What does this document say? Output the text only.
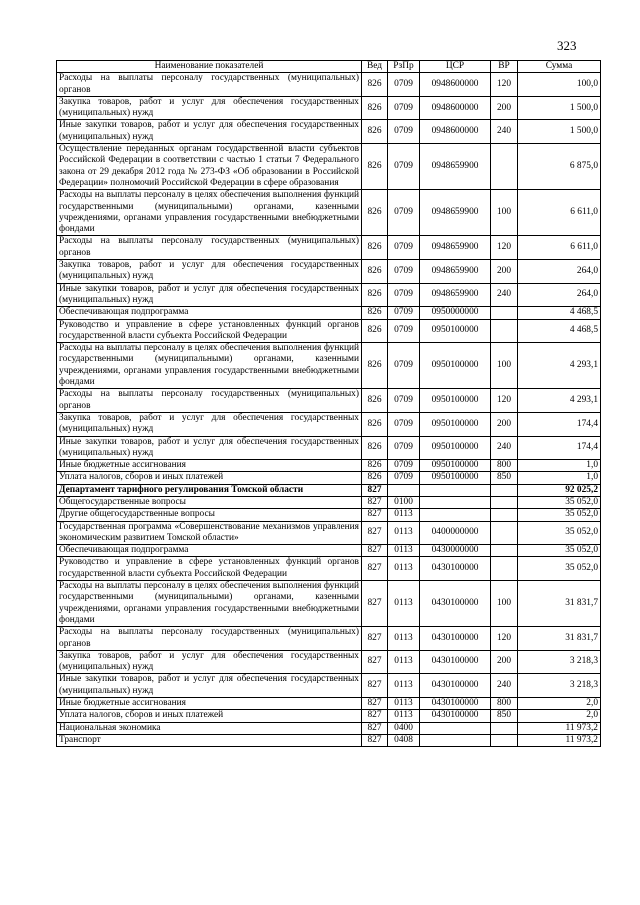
323
Наименование показателей	Вед	РзПр	ЦСР	ВР	Сумма
Расходы на выплаты персоналу государственных (муниципальных) органов	826	0709	0948600000	120	100,0
Закупка товаров, работ и услуг для обеспечения государственных (муниципальных) нужд	826	0709	0948600000	200	1 500,0
Иные закупки товаров, работ и услуг для обеспечения государственных (муниципальных) нужд	826	0709	0948600000	240	1 500,0
Осуществление переданных органам государственной власти субъектов Российской Федерации в соответствии с частью 1 статьи 7 Федерального закона от 29 декабря 2012 года № 273-ФЗ «Об образовании в Российской Федерации» полномочий Российской Федерации в сфере образования	826	0709	0948659900		6 875,0
Расходы на выплаты персоналу в целях обеспечения выполнения функций государственными (муниципальными) органами, казенными учреждениями, органами управления государственными внебюджетными фондами	826	0709	0948659900	100	6 611,0
Расходы на выплаты персоналу государственных (муниципальных) органов	826	0709	0948659900	120	6 611,0
Закупка товаров, работ и услуг для обеспечения государственных (муниципальных) нужд	826	0709	0948659900	200	264,0
Иные закупки товаров, работ и услуг для обеспечения государственных (муниципальных) нужд	826	0709	0948659900	240	264,0
Обеспечивающая подпрограмма	826	0709	0950000000		4 468,5
Руководство и управление в сфере установленных функций органов государственной власти субъекта Российской Федерации	826	0709	0950100000		4 468,5
Расходы на выплаты персоналу в целях обеспечения выполнения функций государственными (муниципальными) органами, казенными учреждениями, органами управления государственными внебюджетными фондами	826	0709	0950100000	100	4 293,1
Расходы на выплаты персоналу государственных (муниципальных) органов	826	0709	0950100000	120	4 293,1
Закупка товаров, работ и услуг для обеспечения государственных (муниципальных) нужд	826	0709	0950100000	200	174,4
Иные закупки товаров, работ и услуг для обеспечения государственных (муниципальных) нужд	826	0709	0950100000	240	174,4
Иные бюджетные ассигнования	826	0709	0950100000	800	1,0
Уплата налогов, сборов и иных платежей	826	0709	0950100000	850	1,0
Департамент тарифного регулирования Томской области	827				92 025,2
Общегосударственные вопросы	827	0100			35 052,0
Другие общегосударственные вопросы	827	0113			35 052,0
Государственная программа «Совершенствование механизмов управления экономическим развитием Томской области»	827	0113	0400000000		35 052,0
Обеспечивающая подпрограмма	827	0113	0430000000		35 052,0
Руководство и управление в сфере установленных функций органов государственной власти субъекта Российской Федерации	827	0113	0430100000		35 052,0
Расходы на выплаты персоналу в целях обеспечения выполнения функций государственными (муниципальными) органами, казенными учреждениями, органами управления государственными внебюджетными фондами	827	0113	0430100000	100	31 831,7
Расходы на выплаты персоналу государственных (муниципальных) органов	827	0113	0430100000	120	31 831,7
Закупка товаров, работ и услуг для обеспечения государственных (муниципальных) нужд	827	0113	0430100000	200	3 218,3
Иные закупки товаров, работ и услуг для обеспечения государственных (муниципальных) нужд	827	0113	0430100000	240	3 218,3
Иные бюджетные ассигнования	827	0113	0430100000	800	2,0
Уплата налогов, сборов и иных платежей	827	0113	0430100000	850	2,0
Национальная экономика	827	0400			11 973,2
Транспорт	827	0408			11 973,2
